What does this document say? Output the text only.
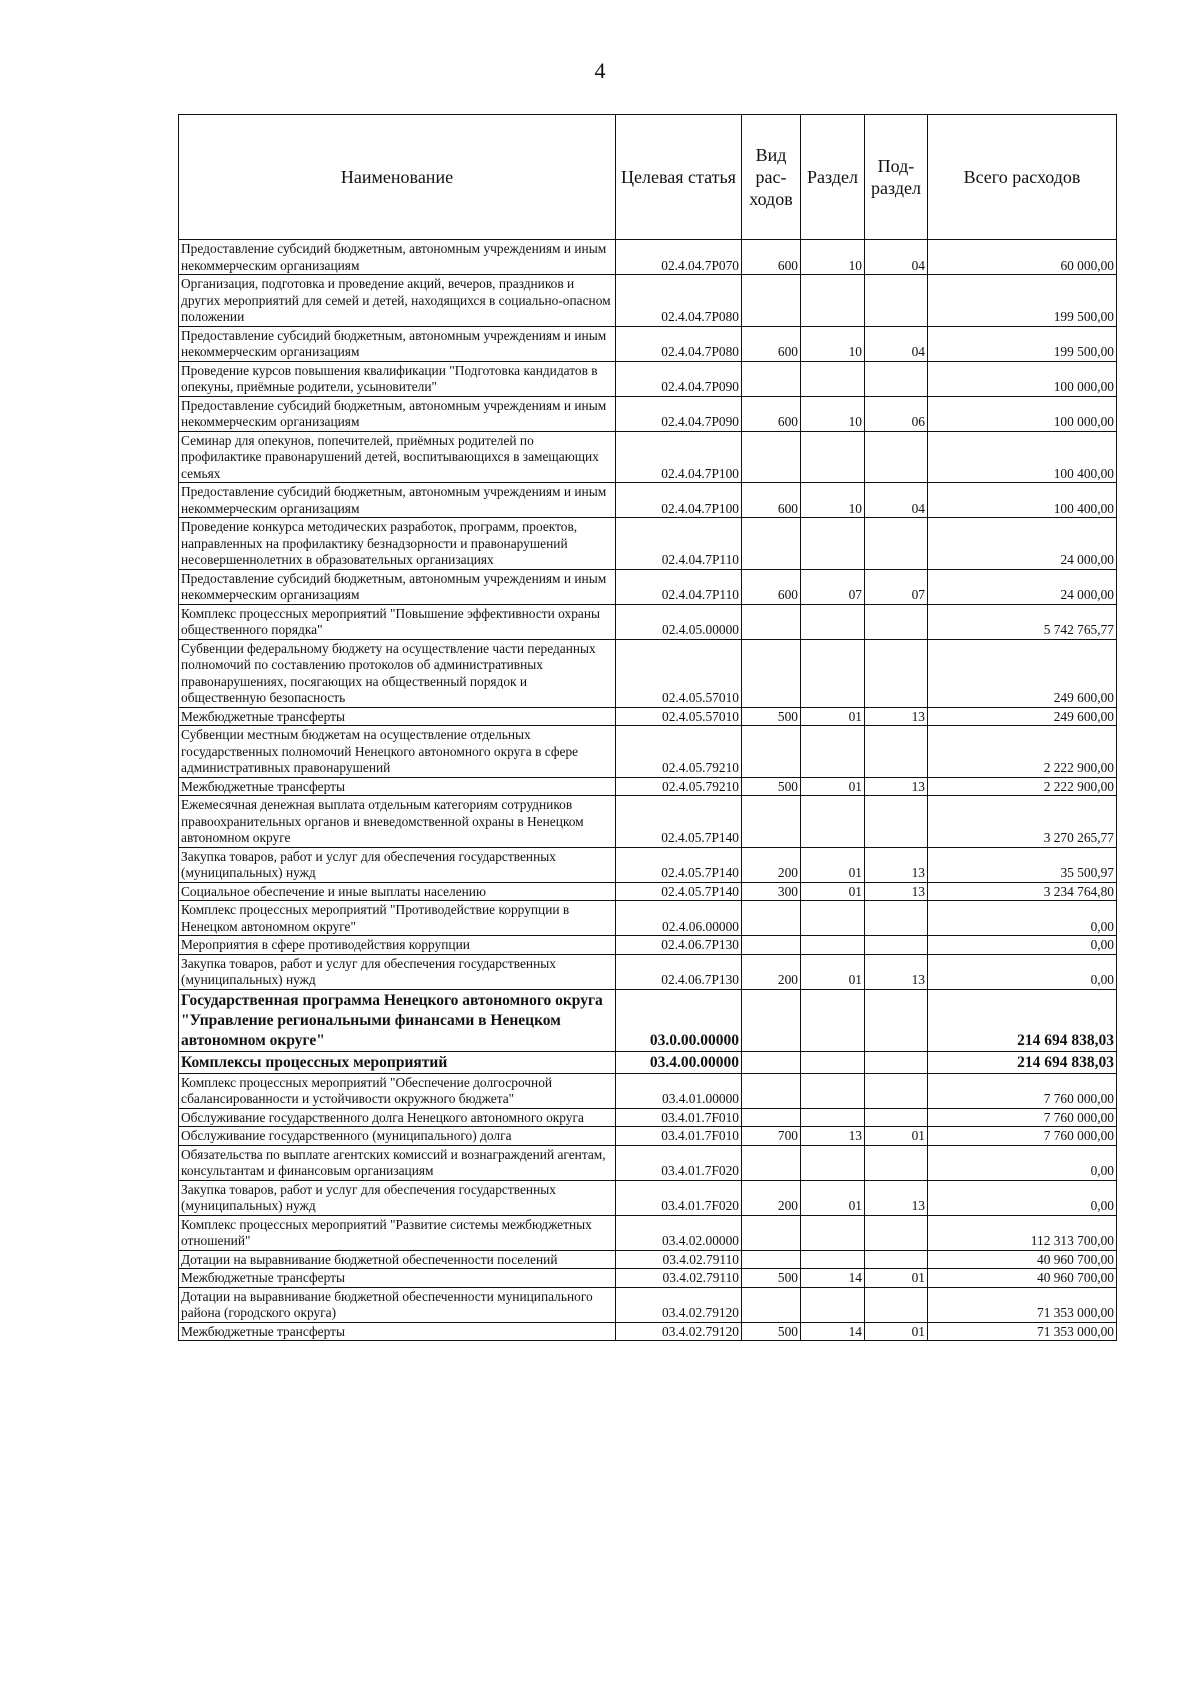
4
Наименование	Целевая статья	Вид рас-ходов	Раздел	Под-раздел	Всего расходов
Предоставление субсидий бюджетным, автономным учреждениям и иным некоммерческим организациям	02.4.04.7Р070	600	10	04	60 000,00
Организация, подготовка и проведение акций, вечеров, праздников и других мероприятий для семей и детей, находящихся в социально-опасном положении	02.4.04.7Р080				199 500,00
Предоставление субсидий бюджетным, автономным учреждениям и иным некоммерческим организациям	02.4.04.7Р080	600	10	04	199 500,00
Проведение курсов повышения квалификации "Подготовка кандидатов в опекуны, приёмные родители, усыновители"	02.4.04.7Р090				100 000,00
Предоставление субсидий бюджетным, автономным учреждениям и иным некоммерческим организациям	02.4.04.7Р090	600	10	06	100 000,00
Семинар для опекунов, попечителей, приёмных родителей по профилактике правонарушений детей, воспитывающихся в замещающих семьях	02.4.04.7Р100				100 400,00
Предоставление субсидий бюджетным, автономным учреждениям и иным некоммерческим организациям	02.4.04.7Р100	600	10	04	100 400,00
Проведение конкурса методических разработок, программ, проектов, направленных на профилактику безнадзорности и правонарушений несовершеннолетних в образовательных организациях	02.4.04.7Р110				24 000,00
Предоставление субсидий бюджетным, автономным учреждениям и иным некоммерческим организациям	02.4.04.7Р110	600	07	07	24 000,00
Комплекс процессных мероприятий "Повышение эффективности охраны общественного порядка"	02.4.05.00000				5 742 765,77
Субвенции федеральному бюджету на осуществление части переданных полномочий по составлению протоколов об административных правонарушениях, посягающих на общественный порядок и общественную безопасность	02.4.05.57010				249 600,00
Межбюджетные трансферты	02.4.05.57010	500	01	13	249 600,00
Субвенции местным бюджетам на осуществление отдельных государственных полномочий Ненецкого автономного округа в сфере административных правонарушений	02.4.05.79210				2 222 900,00
Межбюджетные трансферты	02.4.05.79210	500	01	13	2 222 900,00
Ежемесячная денежная выплата отдельным категориям сотрудников правоохранительных органов и вневедомственной охраны в Ненецком автономном округе	02.4.05.7Р140				3 270 265,77
Закупка товаров, работ и услуг для обеспечения государственных (муниципальных) нужд	02.4.05.7Р140	200	01	13	35 500,97
Социальное обеспечение и иные выплаты населению	02.4.05.7Р140	300	01	13	3 234 764,80
Комплекс процессных мероприятий "Противодействие коррупции в Ненецком автономном округе"	02.4.06.00000				0,00
Мероприятия в сфере противодействия коррупции	02.4.06.7Р130				0,00
Закупка товаров, работ и услуг для обеспечения государственных (муниципальных) нужд	02.4.06.7Р130	200	01	13	0,00
Государственная программа Ненецкого автономного округа "Управление региональными финансами в Ненецком автономном округе"	03.0.00.00000				214 694 838,03
Комплексы процессных мероприятий	03.4.00.00000				214 694 838,03
Комплекс процессных мероприятий "Обеспечение долгосрочной сбалансированности и устойчивости окружного бюджета"	03.4.01.00000				7 760 000,00
Обслуживание государственного долга Ненецкого автономного округа	03.4.01.7F010				7 760 000,00
Обслуживание государственного (муниципального) долга	03.4.01.7F010	700	13	01	7 760 000,00
Обязательства по выплате агентских комиссий и вознаграждений агентам, консультантам и финансовым организациям	03.4.01.7F020				0,00
Закупка товаров, работ и услуг для обеспечения государственных (муниципальных) нужд	03.4.01.7F020	200	01	13	0,00
Комплекс процессных мероприятий "Развитие системы межбюджетных отношений"	03.4.02.00000				112 313 700,00
Дотации на выравнивание бюджетной обеспеченности поселений	03.4.02.79110				40 960 700,00
Межбюджетные трансферты	03.4.02.79110	500	14	01	40 960 700,00
Дотации на выравнивание бюджетной обеспеченности муниципального района (городского округа)	03.4.02.79120				71 353 000,00
Межбюджетные трансферты	03.4.02.79120	500	14	01	71 353 000,00
